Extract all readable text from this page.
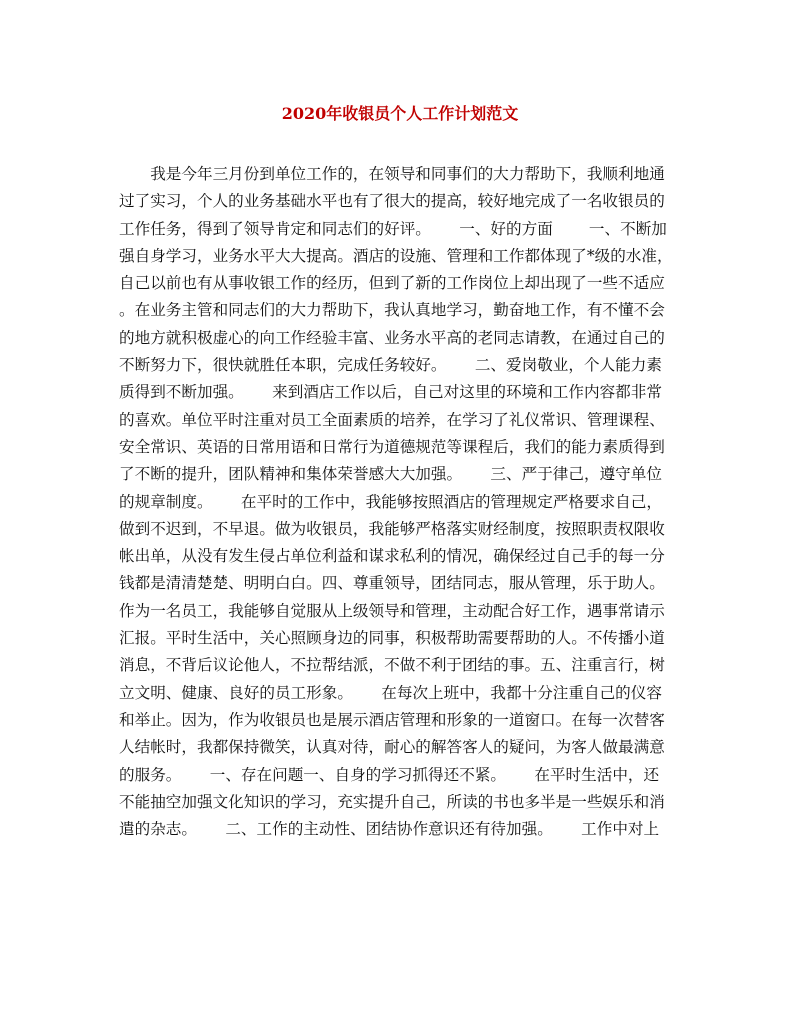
2020年收银员个人工作计划范文
　　我是今年三月份到单位工作的，在领导和同事们的大力帮助下，我顺利地通
过了实习，个人的业务基础水平也有了很大的提高，较好地完成了一名收银员的
工作任务，得到了领导肯定和同志们的好评。　　 一、好的方面　　 一、不断加
强自身学习，业务水平大大提高。酒店的设施、管理和工作都体现了*级的水准，
自己以前也有从事收银工作的经历，但到了新的工作岗位上却出现了一些不适应
。在业务主管和同志们的大力帮助下，我认真地学习，勤奋地工作，有不懂不会
的地方就积极虚心的向工作经验丰富、业务水平高的老同志请教，在通过自己的
不断努力下，很快就胜任本职，完成任务较好。　　 二、爱岗敬业，个人能力素
质得到不断加强。　　 来到酒店工作以后，自己对这里的环境和工作内容都非常
的喜欢。单位平时注重对员工全面素质的培养，在学习了礼仪常识、管理课程、
安全常识、英语的日常用语和日常行为道德规范等课程后，我们的能力素质得到
了不断的提升，团队精神和集体荣誉感大大加强。　　 三、严于律己，遵守单位
的规章制度。　　 在平时的工作中，我能够按照酒店的管理规定严格要求自己，
做到不迟到，不早退。做为收银员，我能够严格落实财经制度，按照职责权限收
帐出单，从没有发生侵占单位利益和谋求私利的情况，确保经过自己手的每一分
钱都是清清楚楚、明明白白。四、尊重领导，团结同志，服从管理，乐于助人。
作为一名员工，我能够自觉服从上级领导和管理，主动配合好工作，遇事常请示
汇报。平时生活中，关心照顾身边的同事，积极帮助需要帮助的人。不传播小道
消息，不背后议论他人，不拉帮结派，不做不利于团结的事。五、注重言行，树
立文明、健康、良好的员工形象。　　 在每次上班中，我都十分注重自己的仪容
和举止。因为，作为收银员也是展示酒店管理和形象的一道窗口。在每一次替客
人结帐时，我都保持微笑，认真对待，耐心的解答客人的疑问，为客人做最满意
的服务。　　 一、存在问题一、自身的学习抓得还不紧。　　 在平时生活中，还
不能抽空加强文化知识的学习，充实提升自己，所读的书也多半是一些娱乐和消
遣的杂志。　　 二、工作的主动性、团结协作意识还有待加强。　　 工作中对上
